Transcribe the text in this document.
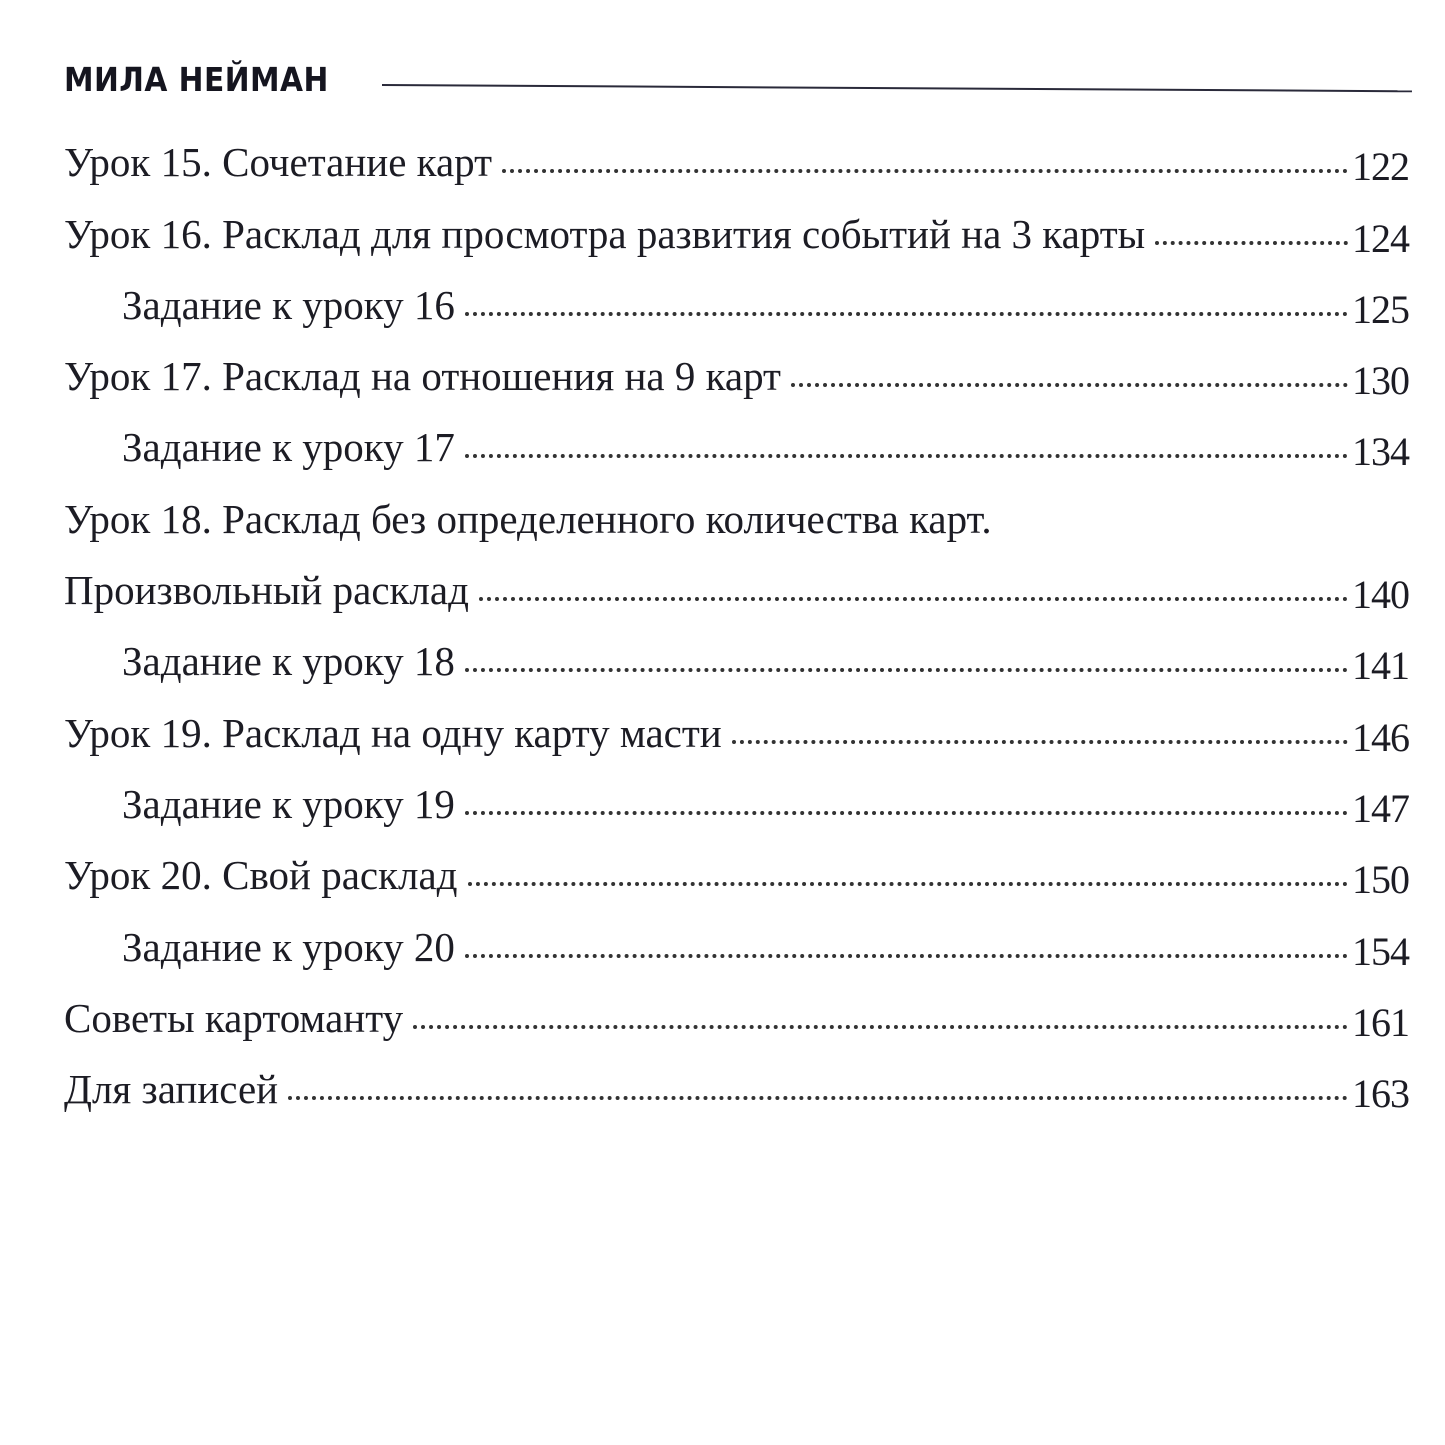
МИЛА НЕЙМАН
Урок 15. Сочетание карт	122
Урок 16. Расклад для просмотра развития событий на 3 карты	124
Задание к уроку 16	125
Урок 17. Расклад на отношения на 9 карт	130
Задание к уроку 17	134
Урок 18. Расклад без определенного количества карт.
Произвольный расклад	140
Задание к уроку 18	141
Урок 19. Расклад на одну карту масти	146
Задание к уроку 19	147
Урок 20. Свой расклад	150
Задание к уроку 20	154
Советы картоманту	161
Для записей	163
